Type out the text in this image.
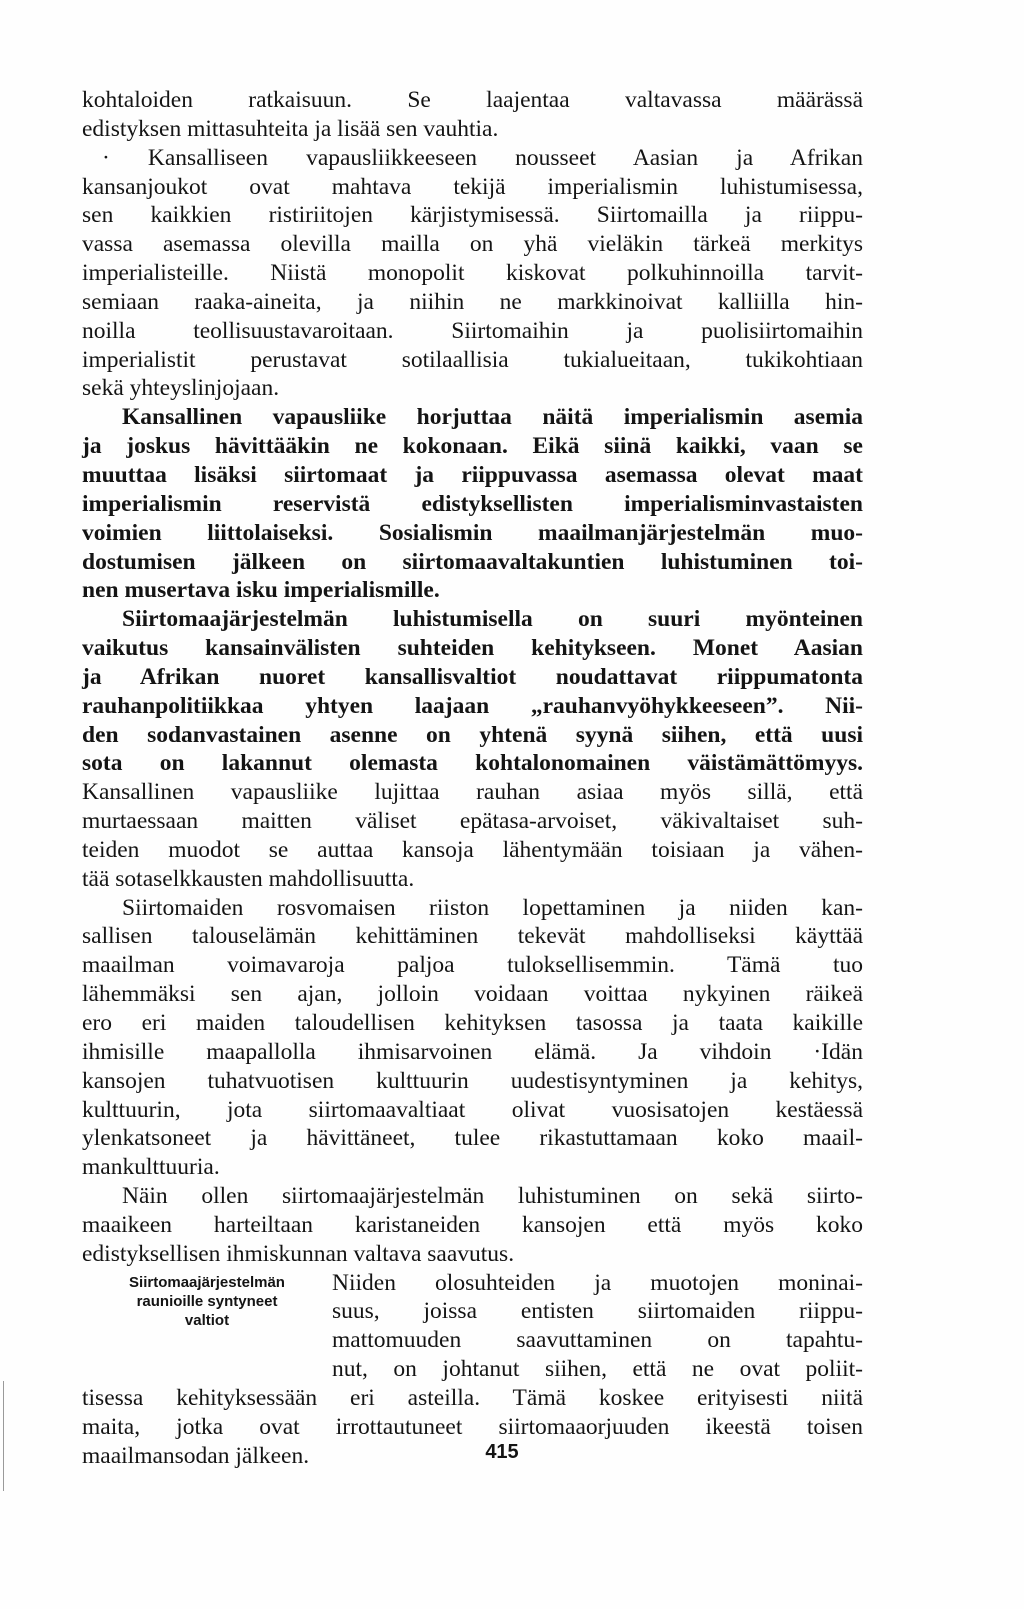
kohtaloiden ratkaisuun. Se laajentaa valtavassa määrässä
edistyksen mittasuhteita ja lisää sen vauhtia.
· Kansalliseen vapausliikkeeseen nousseet Aasian ja Afrikan
kansanjoukot ovat mahtava tekijä imperialismin luhistumisessa,
sen kaikkien ristiriitojen kärjistymisessä. Siirtomailla ja riippu-
vassa asemassa olevilla mailla on yhä vieläkin tärkeä merkitys
imperialisteille. Niistä monopolit kiskovat polkuhinnoilla tarvit-
semiaan raaka-aineita, ja niihin ne markkinoivat kalliilla hin-
noilla teollisuustavaroitaan. Siirtomaihin ja puolisiirtomaihin
imperialistit perustavat sotilaallisia tukialueitaan, tukikohtiaan
sekä yhteyslinjojaan.
Kansallinen vapausliike horjuttaa näitä imperialismin asemia
ja joskus hävittääkin ne kokonaan. Eikä siinä kaikki, vaan se
muuttaa lisäksi siirtomaat ja riippuvassa asemassa olevat maat
imperialismin reservistä edistyksellisten imperialisminvastaisten
voimien liittolaiseksi. Sosialismin maailmanjärjestelmän muo-
dostumisen jälkeen on siirtomaavaltakuntien luhistuminen toi-
nen musertava isku imperialismille.
Siirtomaajärjestelmän luhistumisella on suuri myönteinen
vaikutus kansainvälisten suhteiden kehitykseen. Monet Aasian
ja Afrikan nuoret kansallisvaltiot noudattavat riippumatonta
rauhanpolitiikkaa yhtyen laajaan „rauhanvyöhykkeeseen”. Nii-
den sodanvastainen asenne on yhtenä syynä siihen, että uusi
sota on lakannut olemasta kohtalonomainen väistämättömyys.
Kansallinen vapausliike lujittaa rauhan asiaa myös sillä, että
murtaessaan maitten väliset epätasa-arvoiset, väkivaltaiset suh-
teiden muodot se auttaa kansoja lähentymään toisiaan ja vähen-
tää sotaselkkausten mahdollisuutta.
Siirtomaiden rosvomaisen riiston lopettaminen ja niiden kan-
sallisen talouselämän kehittäminen tekevät mahdolliseksi käyttää
maailman voimavaroja paljoa tuloksellisemmin. Tämä tuo
lähemmäksi sen ajan, jolloin voidaan voittaa nykyinen räikeä
ero eri maiden taloudellisen kehityksen tasossa ja taata kaikille
ihmisille maapallolla ihmisarvoinen elämä. Ja vihdoin ·Idän
kansojen tuhatvuotisen kulttuurin uudestisyntyminen ja kehitys,
kulttuurin, jota siirtomaavaltiaat olivat vuosisatojen kestäessä
ylenkatsoneet ja hävittäneet, tulee rikastuttamaan koko maail-
mankulttuuria.
Näin ollen siirtomaajärjestelmän luhistuminen on sekä siirto-
maaikeen harteiltaan karistaneiden kansojen että myös koko
edistyksellisen ihmiskunnan valtava saavutus.
Siirtomaajärjestelmän
raunioille syntyneet
valtiot
Niiden olosuhteiden ja muotojen moninai-
suus, joissa entisten siirtomaiden riippu-
mattomuuden saavuttaminen on tapahtu-
nut, on johtanut siihen, että ne ovat poliit-
tisessa kehityksessään eri asteilla. Tämä koskee erityisesti niitä
maita, jotka ovat irrottautuneet siirtomaaorjuuden ikeestä toisen
maailmansodan jälkeen.	415
